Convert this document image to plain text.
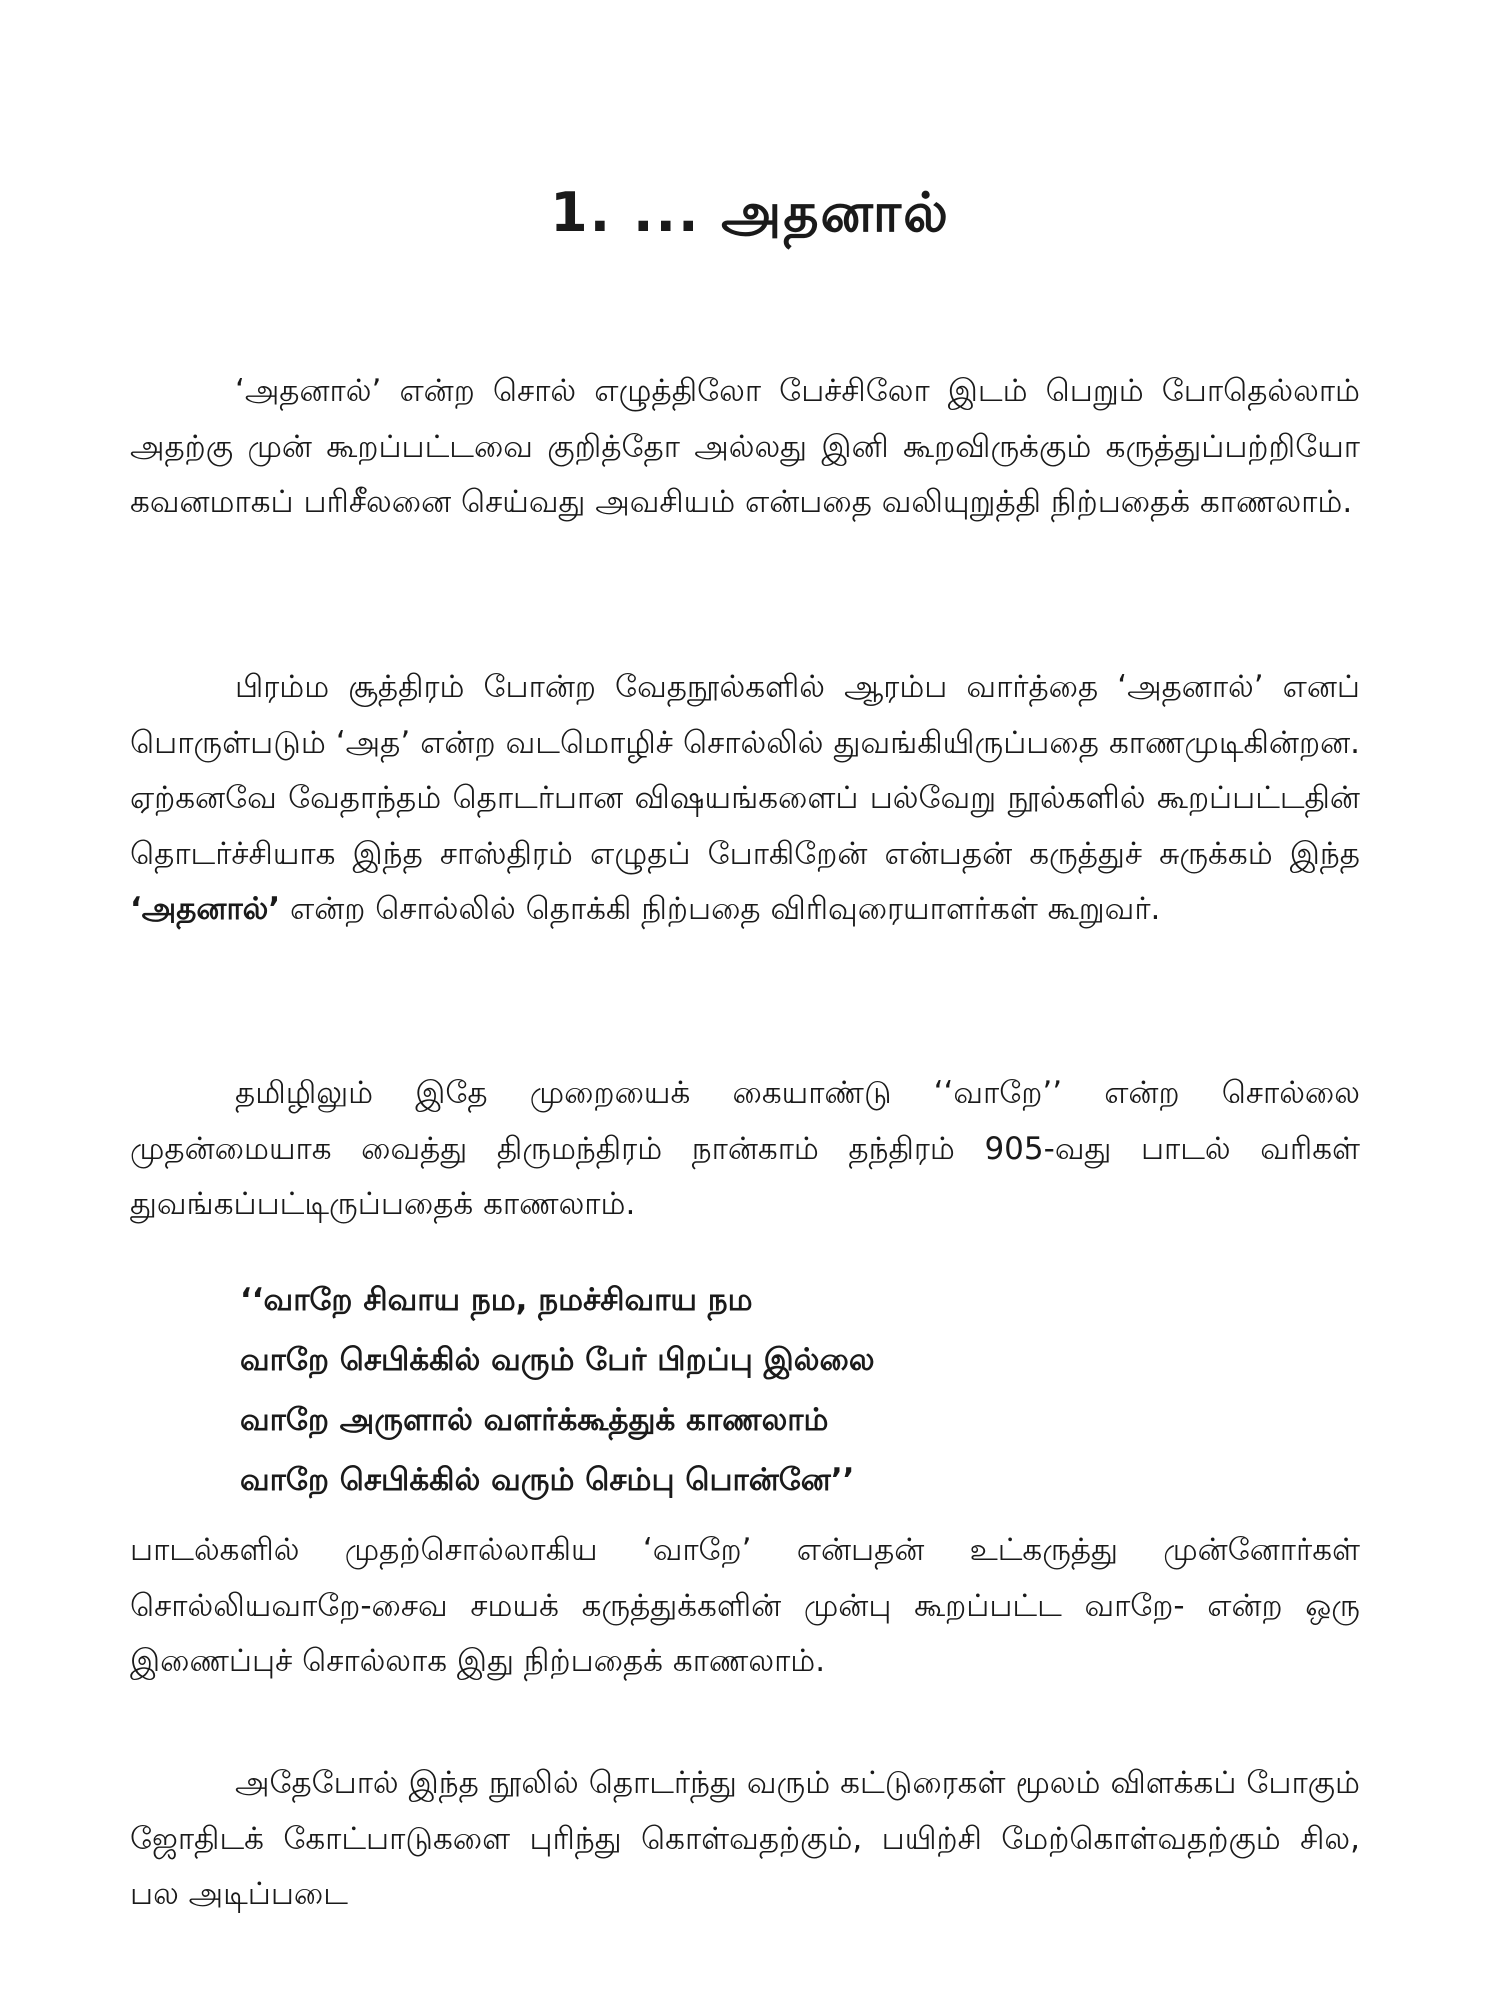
1. ... அதனால்

‘அதனால்’ என்ற சொல் எழுத்திலோ பேச்சிலோ இடம் பெறும் போதெல்லாம் அதற்கு முன் கூறப்பட்டவை குறித்தோ அல்லது இனி கூறவிருக்கும் கருத்துப்பற்றியோ கவனமாகப் பரிசீலனை செய்வது அவசியம் என்பதை வலியுறுத்தி நிற்பதைக் காணலாம்.

பிரம்ம சூத்திரம் போன்ற வேதநூல்களில் ஆரம்ப வார்த்தை ‘அதனால்’ எனப் பொருள்படும் ‘அத’ என்ற வடமொழிச் சொல்லில் துவங்கியிருப்பதை காணமுடிகின்றன. ஏற்கனவே வேதாந்தம் தொடர்பான விஷயங்களைப் பல்வேறு நூல்களில் கூறப்பட்டதின் தொடர்ச்சியாக இந்த சாஸ்திரம் எழுதப் போகிறேன் என்பதன் கருத்துச் சுருக்கம் இந்த ‘அதனால்’ என்ற சொல்லில் தொக்கி நிற்பதை விரிவுரையாளர்கள் கூறுவர்.

தமிழிலும் இதே முறையைக் கையாண்டு ‘‘வாறே’’ என்ற சொல்லை முதன்மையாக வைத்து திருமந்திரம் நான்காம் தந்திரம் 905-வது பாடல் வரிகள் துவங்கப்பட்டிருப்பதைக் காணலாம்.

‘‘வாறே சிவாய நம, நமச்சிவாய நம
வாறே செபிக்கில் வரும் பேர் பிறப்பு இல்லை
வாறே அருளால் வளர்க்கூத்துக் காணலாம்
வாறே செபிக்கில் வரும் செம்பு பொன்னே’’

பாடல்களில் முதற்சொல்லாகிய ‘வாறே’ என்பதன் உட்கருத்து முன்னோர்கள் சொல்லியவாறே-சைவ சமயக் கருத்துக்களின் முன்பு கூறப்பட்ட வாறே- என்ற ஒரு இணைப்புச் சொல்லாக இது நிற்பதைக் காணலாம்.

அதேபோல் இந்த நூலில் தொடர்ந்து வரும் கட்டுரைகள் மூலம் விளக்கப் போகும் ஜோதிடக் கோட்பாடுகளை புரிந்து கொள்வதற்கும், பயிற்சி மேற்கொள்வதற்கும் சில, பல அடிப்படை
